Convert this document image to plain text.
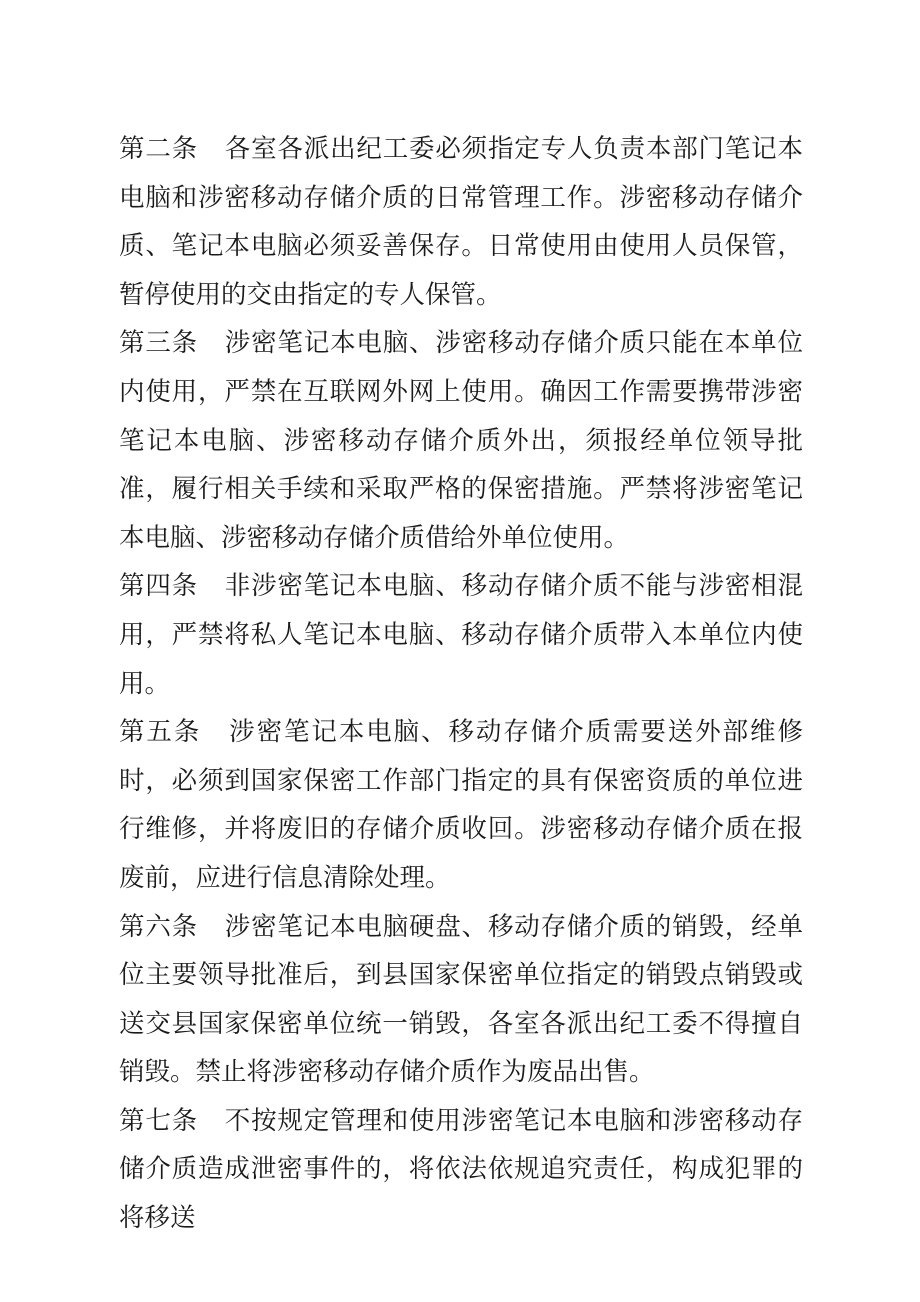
第二条 各室各派出纪工委必须指定专人负责本部门笔记本电脑和涉密移动存储介质的日常管理工作。涉密移动存储介质、笔记本电脑必须妥善保存。日常使用由使用人员保管，暂停使用的交由指定的专人保管。

第三条 涉密笔记本电脑、涉密移动存储介质只能在本单位内使用，严禁在互联网外网上使用。确因工作需要携带涉密笔记本电脑、涉密移动存储介质外出，须报经单位领导批准，履行相关手续和采取严格的保密措施。严禁将涉密笔记本电脑、涉密移动存储介质借给外单位使用。

第四条 非涉密笔记本电脑、移动存储介质不能与涉密相混用，严禁将私人笔记本电脑、移动存储介质带入本单位内使用。

第五条 涉密笔记本电脑、移动存储介质需要送外部维修时，必须到国家保密工作部门指定的具有保密资质的单位进行维修，并将废旧的存储介质收回。涉密移动存储介质在报废前，应进行信息清除处理。

第六条 涉密笔记本电脑硬盘、移动存储介质的销毁，经单位主要领导批准后，到县国家保密单位指定的销毁点销毁或送交县国家保密单位统一销毁，各室各派出纪工委不得擅自销毁。禁止将涉密移动存储介质作为废品出售。

第七条 不按规定管理和使用涉密笔记本电脑和涉密移动存储介质造成泄密事件的，将依法依规追究责任，构成犯罪的将移送
